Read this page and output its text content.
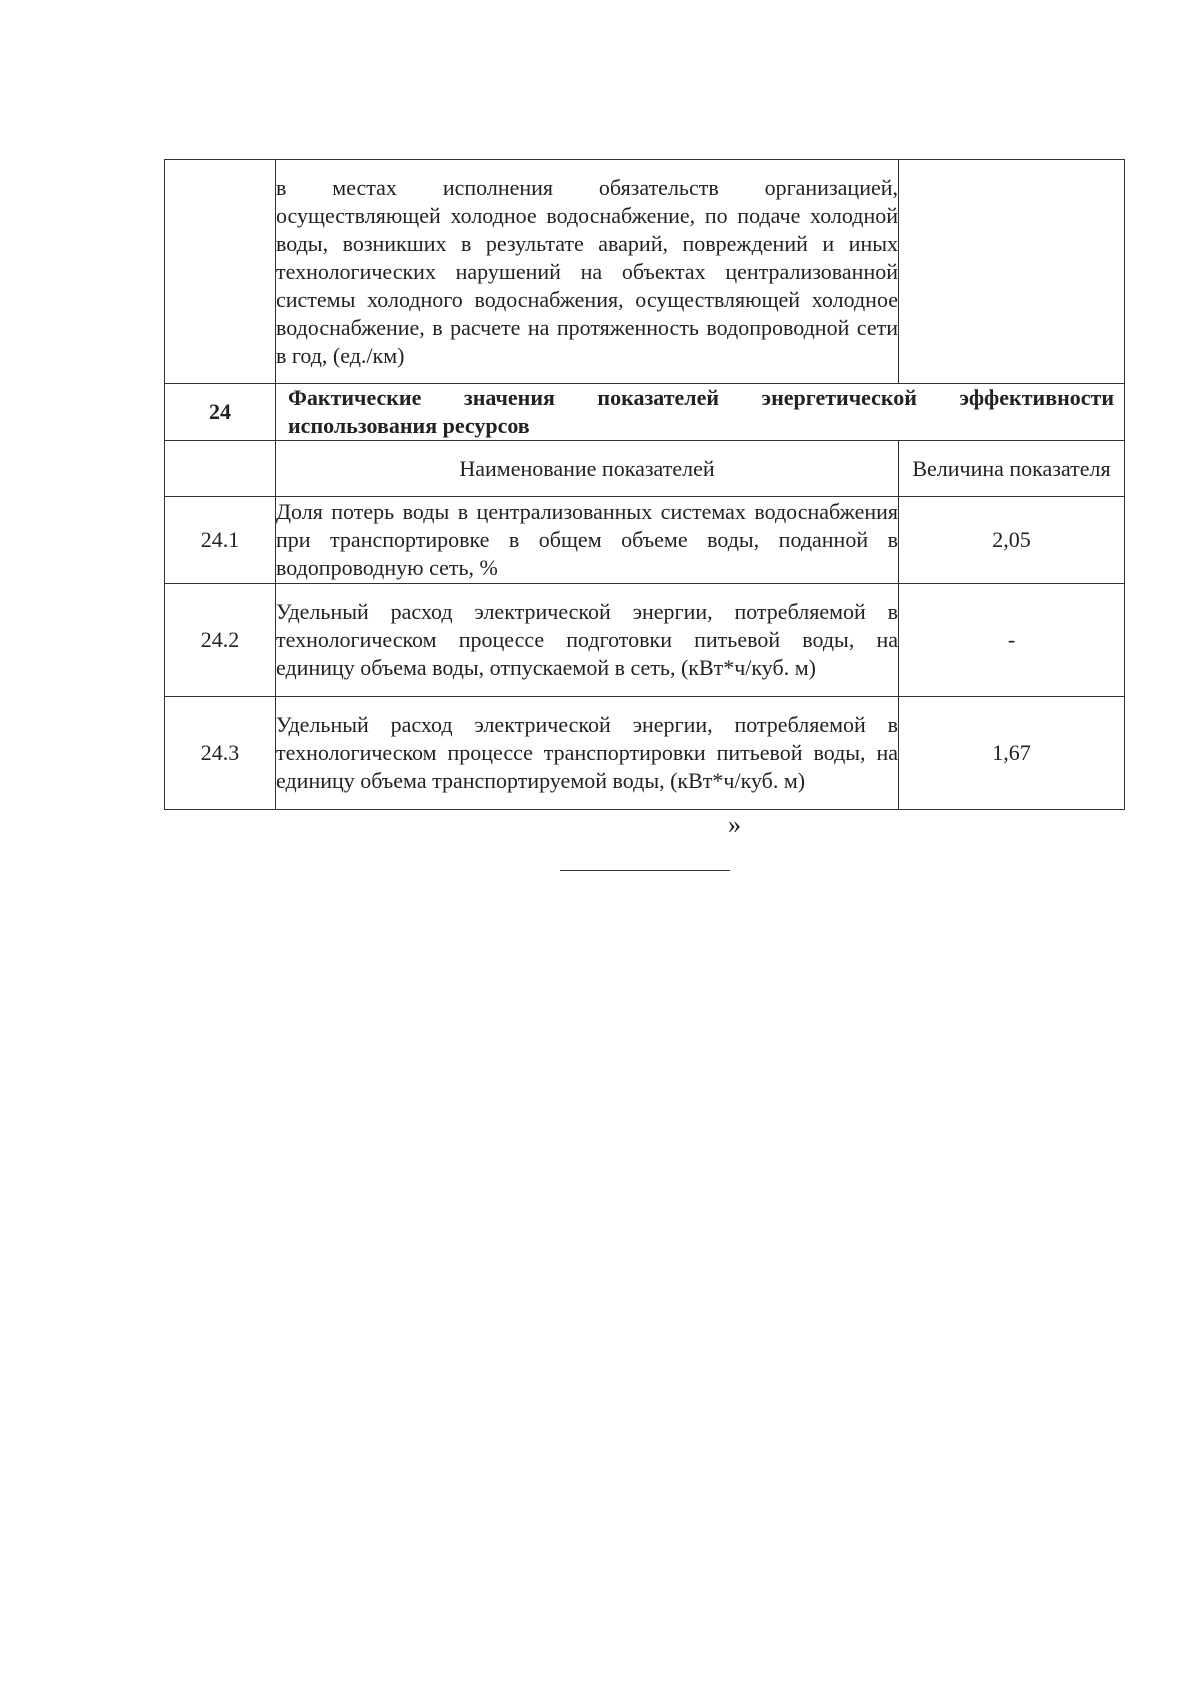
	в местах исполнения обязательств организацией, осуществляющей холодное водоснабжение, по подаче холодной воды, возникших в результате аварий, повреждений и иных технологических нарушений на объектах централизованной системы холодного водоснабжения, осуществляющей холодное водоснабжение, в расчете на протяженность водопроводной сети в год, (ед./км)	
24	Фактические значения показателей энергетической эффективности использования ресурсов	
	Наименование показателей	Величина показателя
24.1	Доля потерь воды в централизованных системах водоснабжения при транспортировке в общем объеме воды, поданной в водопроводную сеть, %	2,05
24.2	Удельный расход электрической энергии, потребляемой в технологическом процессе подготовки питьевой воды, на единицу объема воды, отпускаемой в сеть, (кВт*ч/куб. м)	-
24.3	Удельный расход электрической энергии, потребляемой в технологическом процессе транспортировки питьевой воды, на единицу объема транспортируемой воды, (кВт*ч/куб. м)	1,67
»
